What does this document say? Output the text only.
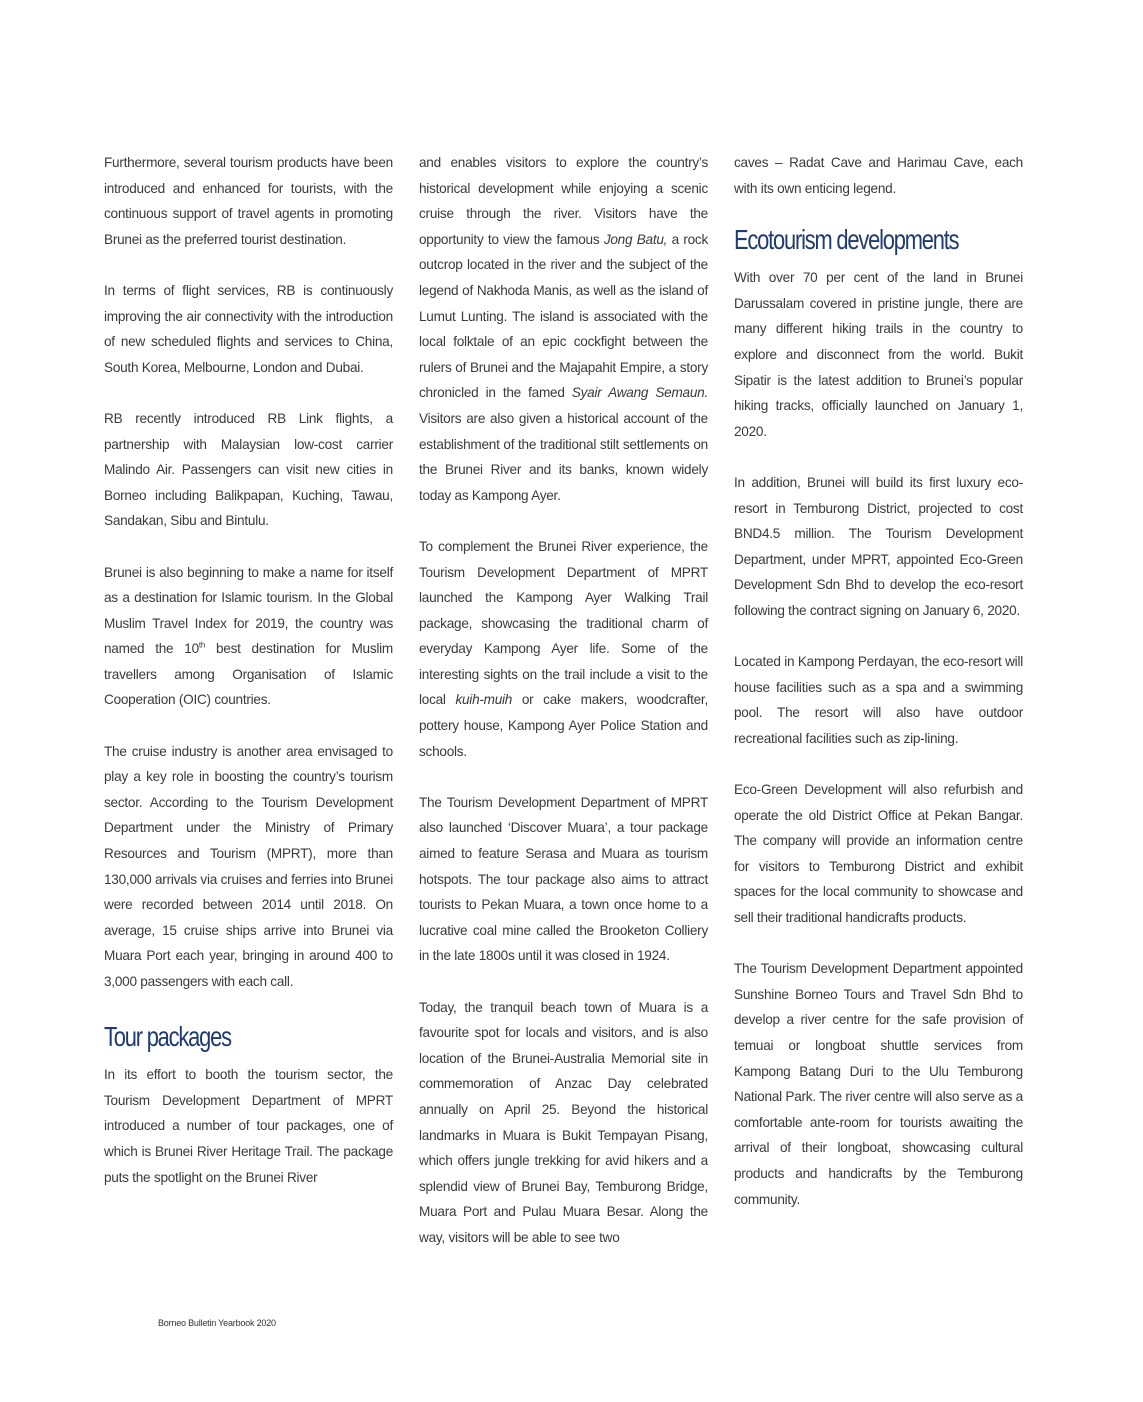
Furthermore, several tourism products have been introduced and enhanced for tourists, with the continuous support of travel agents in promoting Brunei as the preferred tourist destination.

In terms of flight services, RB is continuously improving the air connectivity with the introduction of new scheduled flights and services to China, South Korea, Melbourne, London and Dubai.

RB recently introduced RB Link flights, a partnership with Malaysian low-cost carrier Malindo Air. Passengers can visit new cities in Borneo including Balikpapan, Kuching, Tawau, Sandakan, Sibu and Bintulu.

Brunei is also beginning to make a name for itself as a destination for Islamic tourism. In the Global Muslim Travel Index for 2019, the country was named the 10th best destination for Muslim travellers among Organisation of Islamic Cooperation (OIC) countries.

The cruise industry is another area envisaged to play a key role in boosting the country’s tourism sector. According to the Tourism Development Department under the Ministry of Primary Resources and Tourism (MPRT), more than 130,000 arrivals via cruises and ferries into Brunei were recorded between 2014 until 2018. On average, 15 cruise ships arrive into Brunei via Muara Port each year, bringing in around 400 to 3,000 passengers with each call.

Tour packages

In its effort to booth the tourism sector, the Tourism Development Department of MPRT introduced a number of tour packages, one of which is Brunei River Heritage Trail. The package puts the spotlight on the Brunei River

and enables visitors to explore the country’s historical development while enjoying a scenic cruise through the river. Visitors have the opportunity to view the famous Jong Batu, a rock outcrop located in the river and the subject of the legend of Nakhoda Manis, as well as the island of Lumut Lunting. The island is associated with the local folktale of an epic cockfight between the rulers of Brunei and the Majapahit Empire, a story chronicled in the famed Syair Awang Semaun. Visitors are also given a historical account of the establishment of the traditional stilt settlements on the Brunei River and its banks, known widely today as Kampong Ayer.

To complement the Brunei River experience, the Tourism Development Department of MPRT launched the Kampong Ayer Walking Trail package, showcasing the traditional charm of everyday Kampong Ayer life. Some of the interesting sights on the trail include a visit to the local kuih-muih or cake makers, woodcrafter, pottery house, Kampong Ayer Police Station and schools.

The Tourism Development Department of MPRT also launched ‘Discover Muara’, a tour package aimed to feature Serasa and Muara as tourism hotspots. The tour package also aims to attract tourists to Pekan Muara, a town once home to a lucrative coal mine called the Brooketon Colliery in the late 1800s until it was closed in 1924.

Today, the tranquil beach town of Muara is a favourite spot for locals and visitors, and is also location of the Brunei-Australia Memorial site in commemoration of Anzac Day celebrated annually on April 25. Beyond the historical landmarks in Muara is Bukit Tempayan Pisang, which offers jungle trekking for avid hikers and a splendid view of Brunei Bay, Temburong Bridge, Muara Port and Pulau Muara Besar. Along the way, visitors will be able to see two

caves – Radat Cave and Harimau Cave, each with its own enticing legend.

Ecotourism developments

With over 70 per cent of the land in Brunei Darussalam covered in pristine jungle, there are many different hiking trails in the country to explore and disconnect from the world. Bukit Sipatir is the latest addition to Brunei’s popular hiking tracks, officially launched on January 1, 2020.

In addition, Brunei will build its first luxury eco-resort in Temburong District, projected to cost BND4.5 million. The Tourism Development Department, under MPRT, appointed Eco-Green Development Sdn Bhd to develop the eco-resort following the contract signing on January 6, 2020.

Located in Kampong Perdayan, the eco-resort will house facilities such as a spa and a swimming pool. The resort will also have outdoor recreational facilities such as zip-lining.

Eco-Green Development will also refurbish and operate the old District Office at Pekan Bangar. The company will provide an information centre for visitors to Temburong District and exhibit spaces for the local community to showcase and sell their traditional handicrafts products.

The Tourism Development Department appointed Sunshine Borneo Tours and Travel Sdn Bhd to develop a river centre for the safe provision of temuai or longboat shuttle services from Kampong Batang Duri to the Ulu Temburong National Park. The river centre will also serve as a comfortable ante-room for tourists awaiting the arrival of their longboat, showcasing cultural products and handicrafts by the Temburong community.

Borneo Bulletin Yearbook 2020
